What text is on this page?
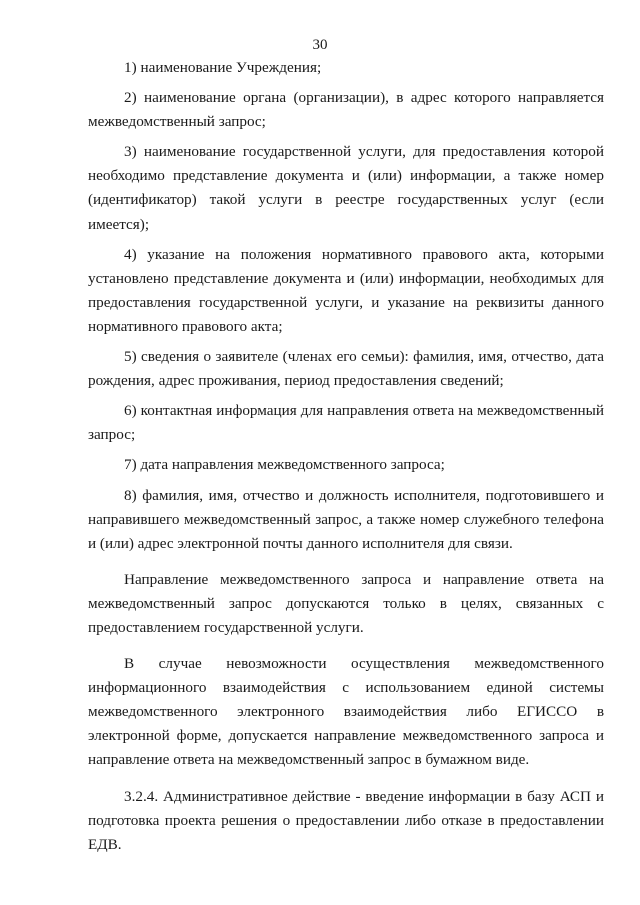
30

1) наименование Учреждения;

2) наименование органа (организации), в адрес которого направляется межведомственный запрос;

3) наименование государственной услуги, для предоставления которой необходимо представление документа и (или) информации, а также номер (идентификатор) такой услуги в реестре государственных услуг (если имеется);

4) указание на положения нормативного правового акта, которыми установлено представление документа и (или) информации, необходимых для предоставления государственной услуги, и указание на реквизиты данного нормативного правового акта;

5) сведения о заявителе (членах его семьи): фамилия, имя, отчество, дата рождения, адрес проживания, период предоставления сведений;

6) контактная информация для направления ответа на межведомственный запрос;

7) дата направления межведомственного запроса;

8) фамилия, имя, отчество и должность исполнителя, подготовившего и направившего межведомственный запрос, а также номер служебного телефона и (или) адрес электронной почты данного исполнителя для связи.

Направление межведомственного запроса и направление ответа на межведомственный запрос допускаются только в целях, связанных с предоставлением государственной услуги.

В случае невозможности осуществления межведомственного информационного взаимодействия с использованием единой системы межведомственного электронного взаимодействия либо ЕГИССО в электронной форме, допускается направление межведомственного запроса и направление ответа на межведомственный запрос в бумажном виде.

3.2.4. Административное действие - введение информации в базу АСП и подготовка проекта решения о предоставлении либо отказе в предоставлении ЕДВ.
